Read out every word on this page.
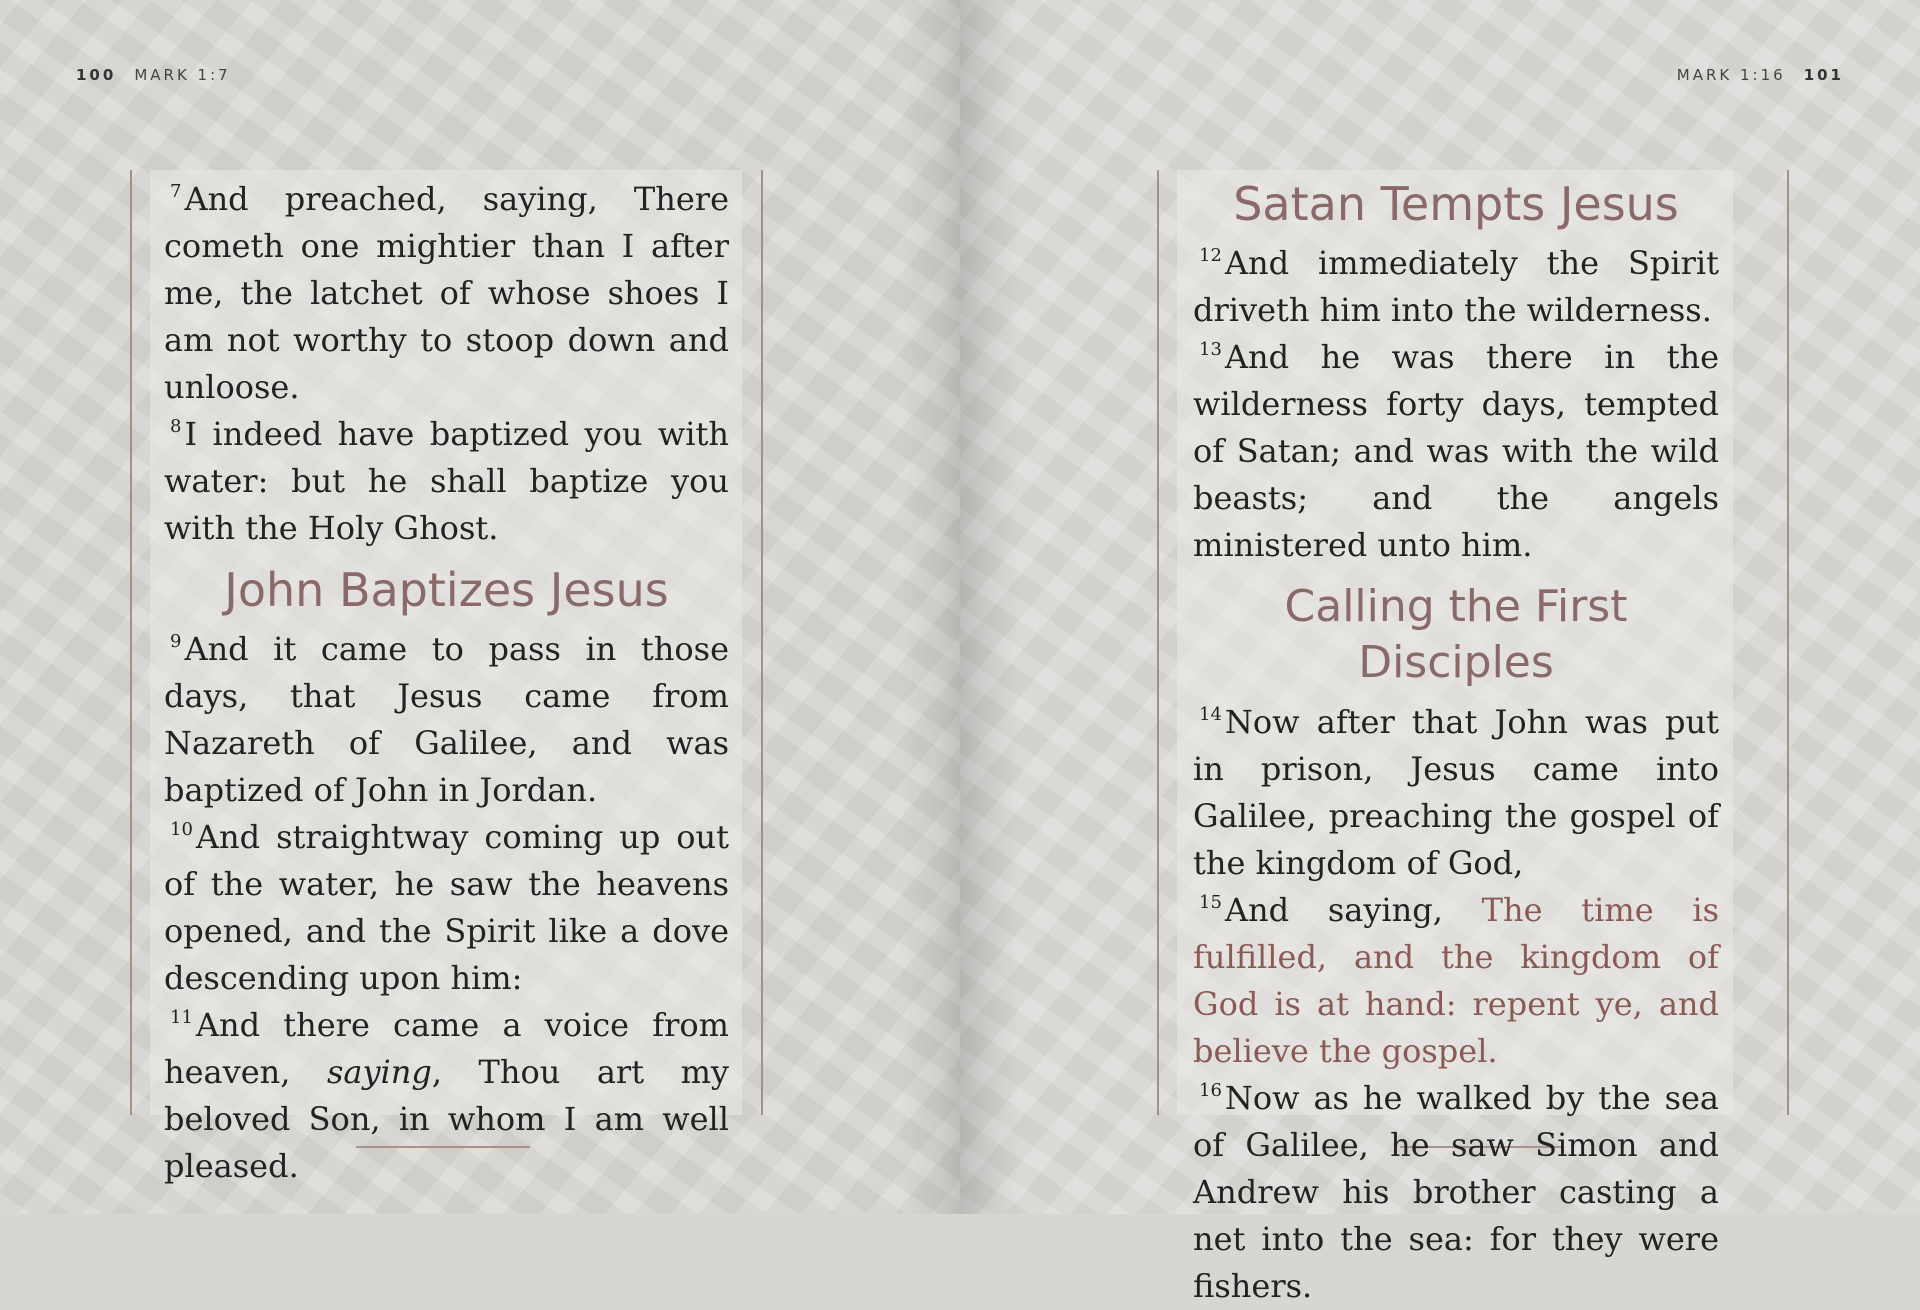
100 MARK 1:7

$^7$And preached, saying, There cometh one mightier than I after me, the latchet of whose shoes I am not worthy to stoop down and unloose.

$^8$I indeed have baptized you with water: but he shall baptize you with the Holy Ghost.

John Baptizes Jesus

$^9$And it came to pass in those days, that Jesus came from Nazareth of Galilee, and was baptized of John in Jordan.

$^{10}$And straightway coming up out of the water, he saw the heavens opened, and the Spirit like a dove descending upon him:

$^{11}$And there came a voice from heaven, saying, Thou art my beloved Son, in whom I am well pleased.

MARK 1:16 101
Satan Tempts Jesus

$^{12}$And immediately the Spirit driveth him into the wilderness.

$^{13}$And he was there in the wilderness forty days, tempted of Satan; and was with the wild beasts; and the angels ministered unto him.

Calling the First Disciples

$^{14}$Now after that John was put in prison, Jesus came into Galilee, preaching the gospel of the kingdom of God,

$^{15}$And saying, The time is fulfilled, and the kingdom of God is at hand: repent ye, and believe the gospel.

$^{16}$Now as he walked by the sea of Galilee, he saw Simon and Andrew his brother casting a net into the sea: for they were fishers.
